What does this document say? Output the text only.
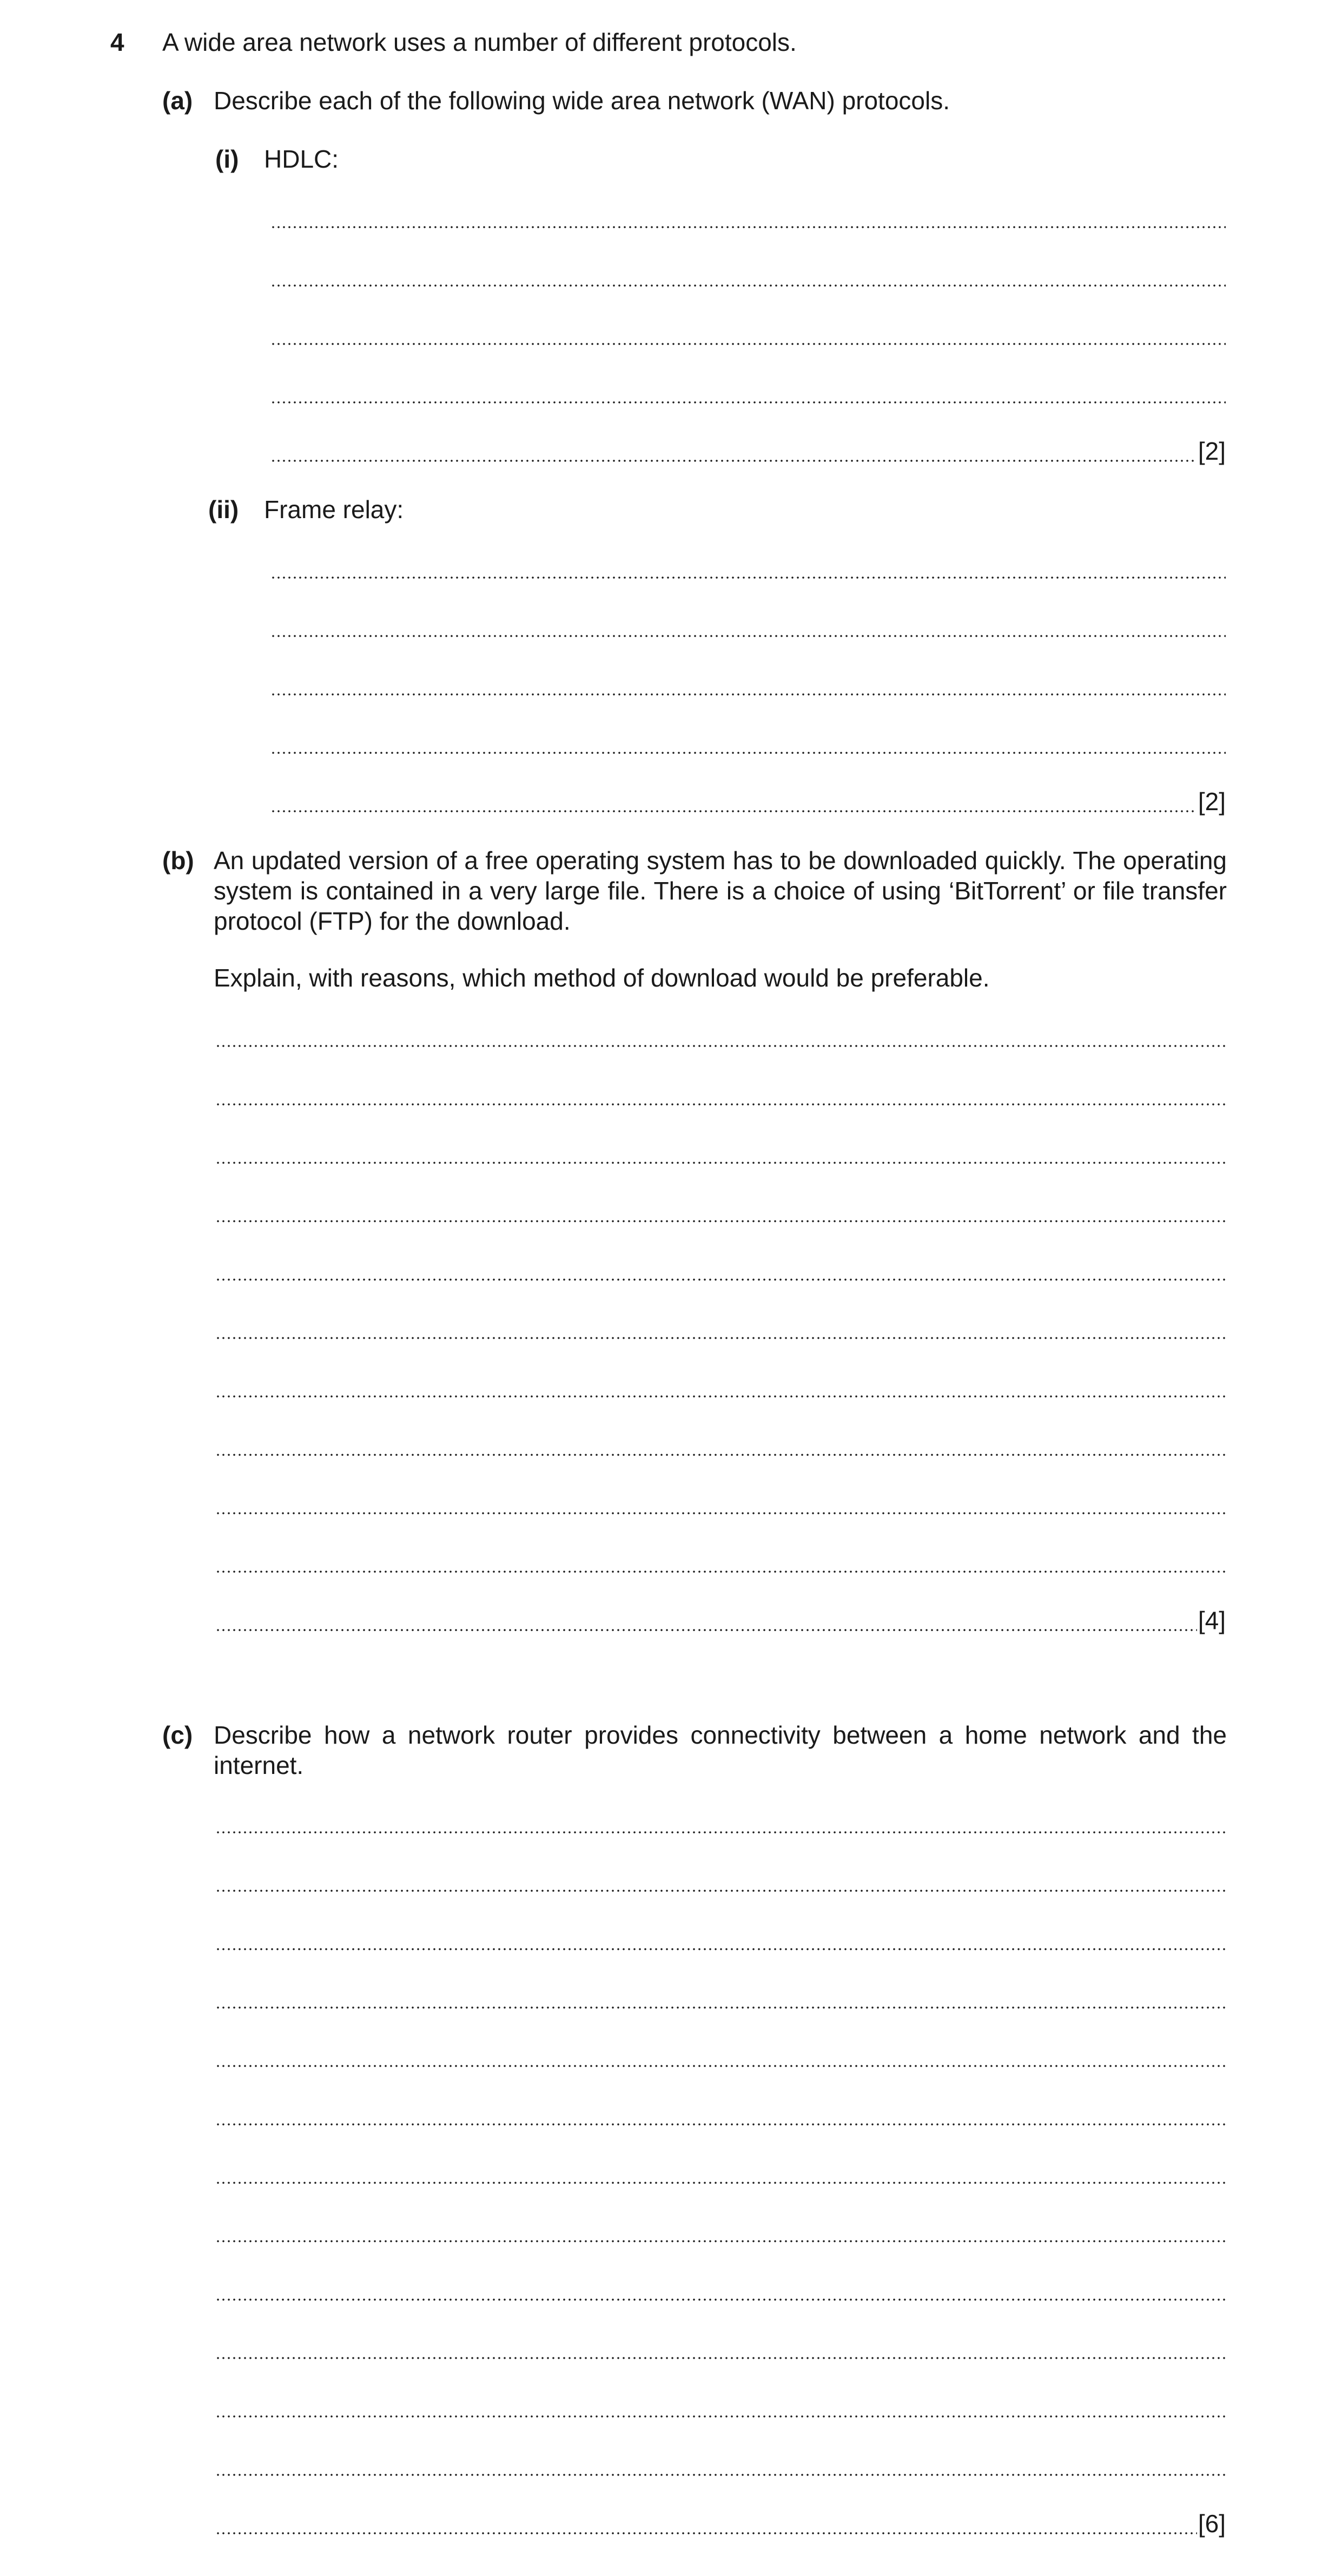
4 A wide area network uses a number of different protocols.
(a) Describe each of the following wide area network (WAN) protocols.
(i) HDLC:
[2]
(ii) Frame relay:
[2]
(b) An updated version of a free operating system has to be downloaded quickly. The operating system is contained in a very large file. There is a choice of using ‘BitTorrent’ or file transfer protocol (FTP) for the download.
Explain, with reasons, which method of download would be preferable.
[4]
(c) Describe how a network router provides connectivity between a home network and the internet.
[6]
